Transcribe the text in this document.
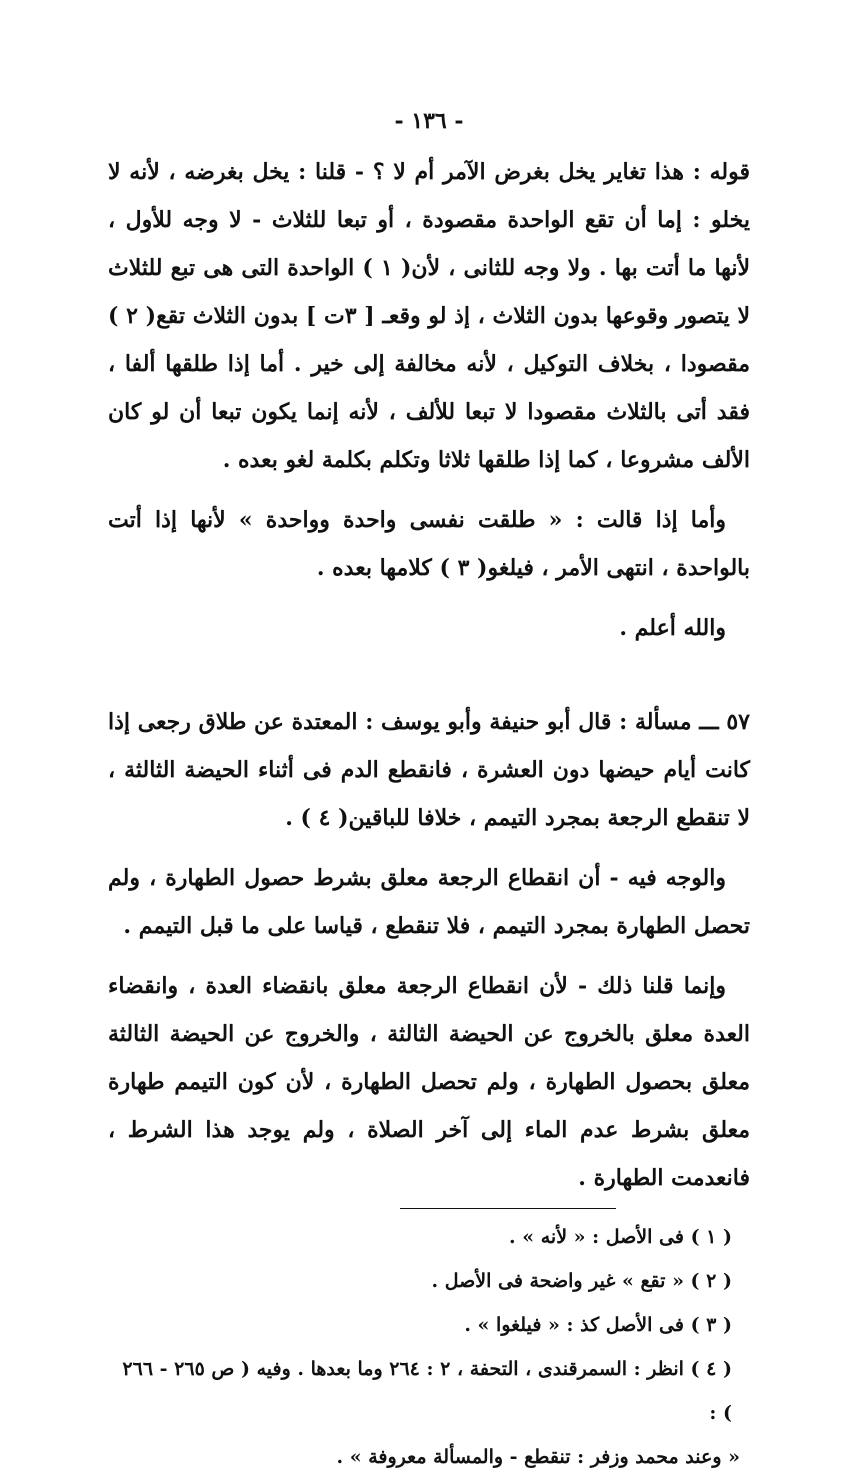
- ١٣٦ -

قوله : هذا تغاير يخل بغرض الآمر أم لا ؟ - قلنا : يخل بغرضه ، لأنه لا يخلو : إما أن تقع الواحدة مقصودة ، أو تبعا للثلاث - لا وجه للأول ، لأنها ما أتت بها . ولا وجه للثانى ، لأن( ١ ) الواحدة التى هى تبع للثلاث لا يتصور وقوعها بدون الثلاث ، إذ لو وقعـ [ ٣ت ] بدون الثلاث تقع( ٢ ) مقصودا ، بخلاف التوكيل ، لأنه مخالفة إلى خير . أما إذا طلقها ألفا ، فقد أتى بالثلاث مقصودا لا تبعا للألف ، لأنه إنما يكون تبعا أن لو كان الألف مشروعا ، كما إذا طلقها ثلاثا وتكلم بكلمة لغو بعده .

وأما إذا قالت : « طلقت نفسى واحدة وواحدة » لأنها إذا أتت بالواحدة ، انتهى الأمر ، فيلغو( ٣ ) كلامها بعده .

والله أعلم .

٥٧ ـــ مسألة : قال أبو حنيفة وأبو يوسف : المعتدة عن طلاق رجعى إذا كانت أيام حيضها دون العشرة ، فانقطع الدم فى أثناء الحيضة الثالثة ، لا تنقطع الرجعة بمجرد التيمم ، خلافا للباقين( ٤ ) .

والوجه فيه - أن انقطاع الرجعة معلق بشرط حصول الطهارة ، ولم تحصل الطهارة بمجرد التيمم ، فلا تنقطع ، قياسا على ما قبل التيمم .

وإنما قلنا ذلك - لأن انقطاع الرجعة معلق بانقضاء العدة ، وانقضاء العدة معلق بالخروج عن الحيضة الثالثة ، والخروج عن الحيضة الثالثة معلق بحصول الطهارة ، ولم تحصل الطهارة ، لأن كون التيمم طهارة معلق بشرط عدم الماء إلى آخر الصلاة ، ولم يوجد هذا الشرط ، فانعدمت الطهارة .

( ١ ) فى الأصل : « لأنه » .

( ٢ ) « تقع » غير واضحة فى الأصل .

( ٣ ) فى الأصل كذ : « فيلغوا » .

( ٤ ) انظر : السمرقندى ، التحفة ، ٢ : ٢٦٤ وما بعدها . وفيه ( ص ٢٦٥ - ٢٦٦ ) :

« وعند محمد وزفر : تنقطع - والمسألة معروفة » .
